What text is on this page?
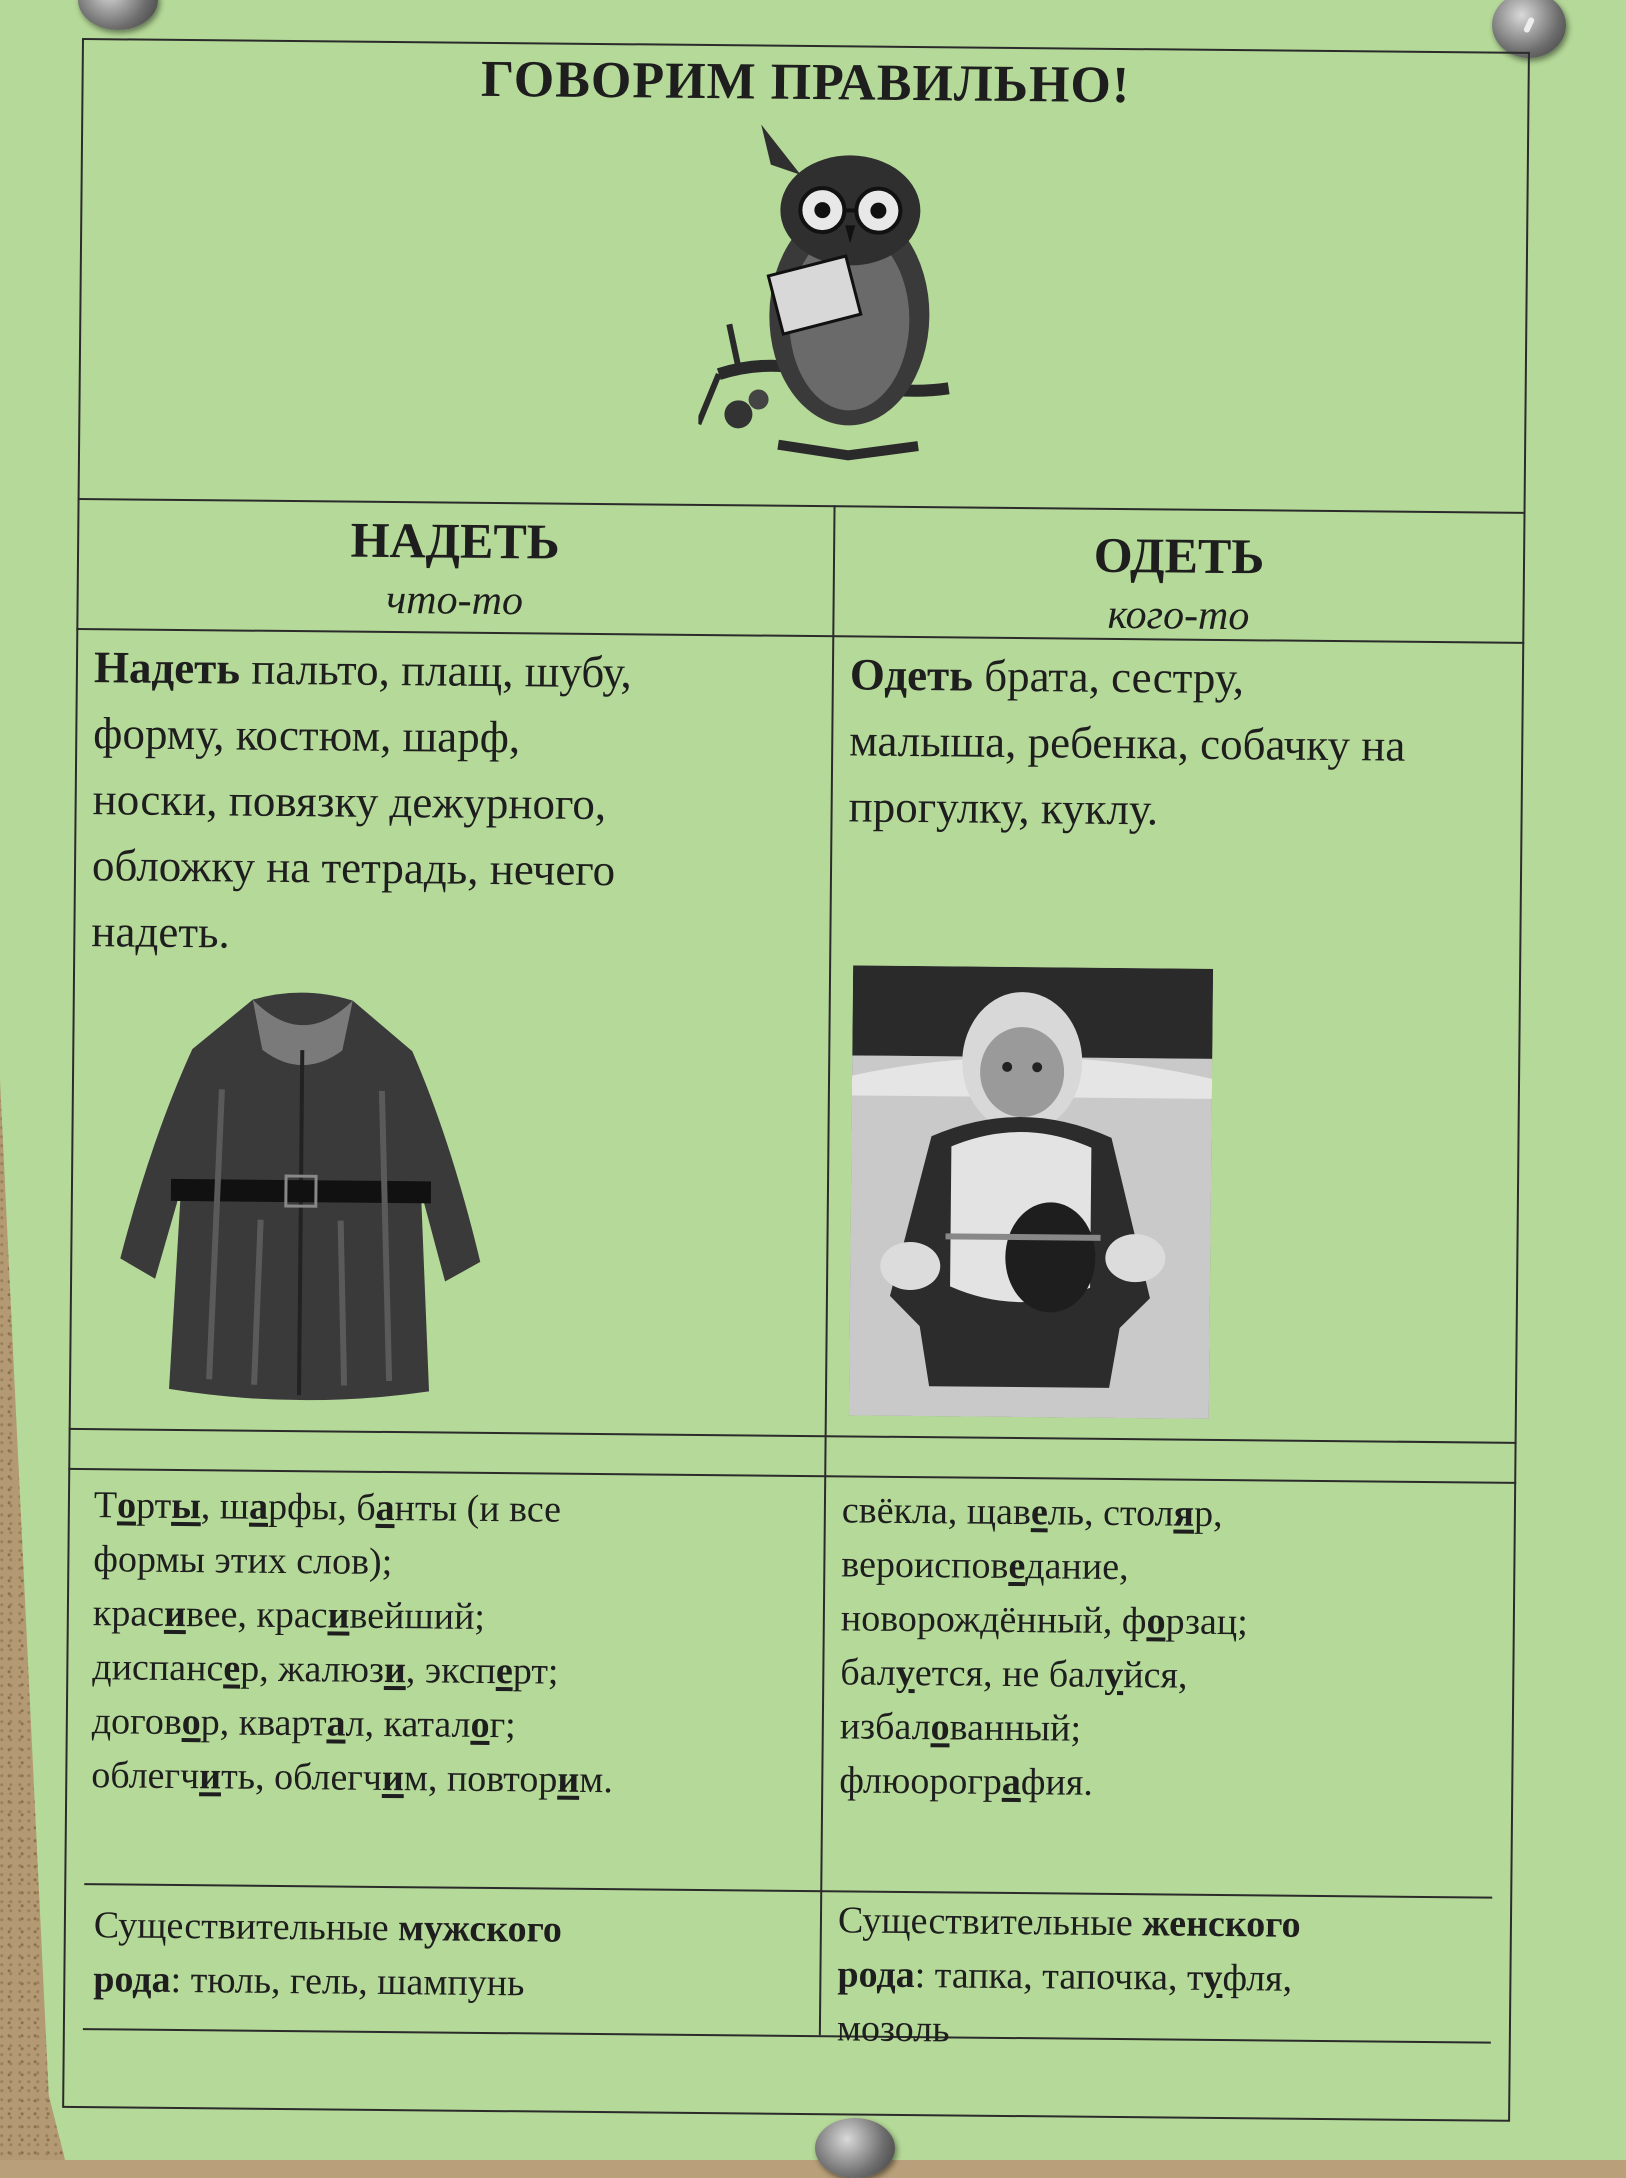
ГОВОРИМ ПРАВИЛЬНО!
НАДЕТЬ
что-то
ОДЕТЬ
кого-то
Надеть пальто, плащ, шубу,
форму, костюм, шарф,
носки, повязку дежурного,
обложку на тетрадь, нечего
надеть.
Одеть брата, сестру,
малыша, ребенка, собачку на
прогулку, куклу.
Торты, шарфы, банты (и все
формы этих слов);
красивее, красивейший;
диспансер, жалюзи, эксперт;
договор, квартал, каталог;
облегчить, облегчим, повторим.
свёкла, щавель, столяр,
вероисповедание,
новорождённый, форзац;
балуется, не балуйся,
избалованный;
флюорография.
Существительные мужского
рода: тюль, гель, шампунь
Существительные женского
рода: тапка, тапочка, туфля,
мозоль
